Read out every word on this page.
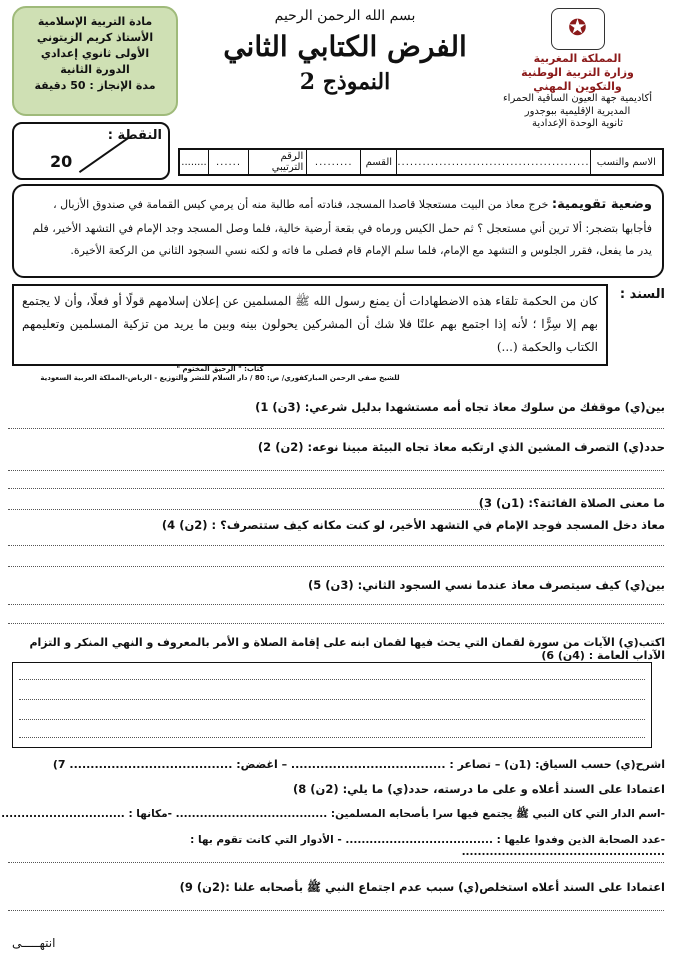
✪
المملكة المغربية
وزارة التربية الوطنية
والتكوين المهني
أكاديمية جهة العيون الساقية الحمراء
المديرية الإقليمية ببوجدور
ثانوية الوحدة الإعدادية
بسم الله الرحمن الرحيم
الفرض الكتابي الثاني
النموذج 2
مادة التربية الإسلامية
الأستاذ كريم الزيتوني
الأولى ثانوي إعدادي
الدورة الثانية
مدة الإنجاز : 50 دقيقة
النقطة :
20	الاسم والنسب
..............................................
القسم
.........
الرقم الترتيبي
......
........
وضعية تقويمية: خرج معاذ من البيت مستعجلا قاصدا المسجد، فنادته أمه طالبة منه أن يرمي كيس القمامة في صندوق الأزبال ، فأجابها بتضجر: ألا ترين أني مستعجل ؟ ثم حمل الكيس ورماه في بقعة أرضية خالية، فلما وصل المسجد وجد الإمام في التشهد الأخير، فلم يدر ما يفعل، فقرر الجلوس و التشهد مع الإمام، فلما سلم الإمام قام فصلى ما فاته و لكنه نسي السجود الثاني من الركعة الأخيرة.
السند :
كان من الحكمة تلقاء هذه الاضطهادات أن يمنع رسول الله ﷺ المسلمين عن إعلان إسلامهم قولًا أو فعلًا، وأن لا يجتمع بهم إلا سِرًّا ؛ لأنه إذا اجتمع بهم علنًا فلا شك أن المشركين يحولون بينه وبين ما يريد من تزكية المسلمين وتعليمهم الكتاب والحكمة (...)
كتاب: " الرحيق المختوم "
للشيخ صفي الرحمن المباركفوري/ ص: 80 / دار السلام للنشر والتوزيع - الرياض-المملكة العربية السعودية
بين(ي) موقفك من سلوك معاذ تجاه أمه مستشهدا بدليل شرعي: (3ن) 1)
حدد(ي) التصرف المشين الذي ارتكبه معاذ تجاه البيئة مبينا نوعه: (2ن) 2)
ما معنى الصلاة الفائتة؟: (1ن) 3)
معاذ دخل المسجد فوجد الإمام في التشهد الأخير، لو كنت مكانه كيف ستتصرف؟ : (2ن) 4)
بين(ي) كيف سيتصرف معاذ عندما نسي السجود الثاني: (3ن) 5)
اكتب(ي) الآيات من سورة لقمان التي يحث فيها لقمان ابنه على إقامة الصلاة و الأمر بالمعروف و النهي المنكر و التزام الآداب العامة : (4ن) 6)
اشرح(ي) حسب السياق: (1ن) – تصاعر : ..................................... – اغضض: ....................................... 7)
اعتمادا على السند أعلاه و على ما درسته، حدد(ي) ما يلي: (2ن) 8)
-اسم الدار التي كان النبي ﷺ يجتمع فيها سرا بأصحابه المسلمين: ...................................... -مكانها : ...............................
-عدد الصحابة الذين وفدوا عليها : ..................................... - الأدوار التي كانت تقوم بها : ...................................................
اعتمادا على السند أعلاه استخلص(ي) سبب عدم اجتماع النبي ﷺ بأصحابه علنا :(2ن) 9)
انتهـــــى
